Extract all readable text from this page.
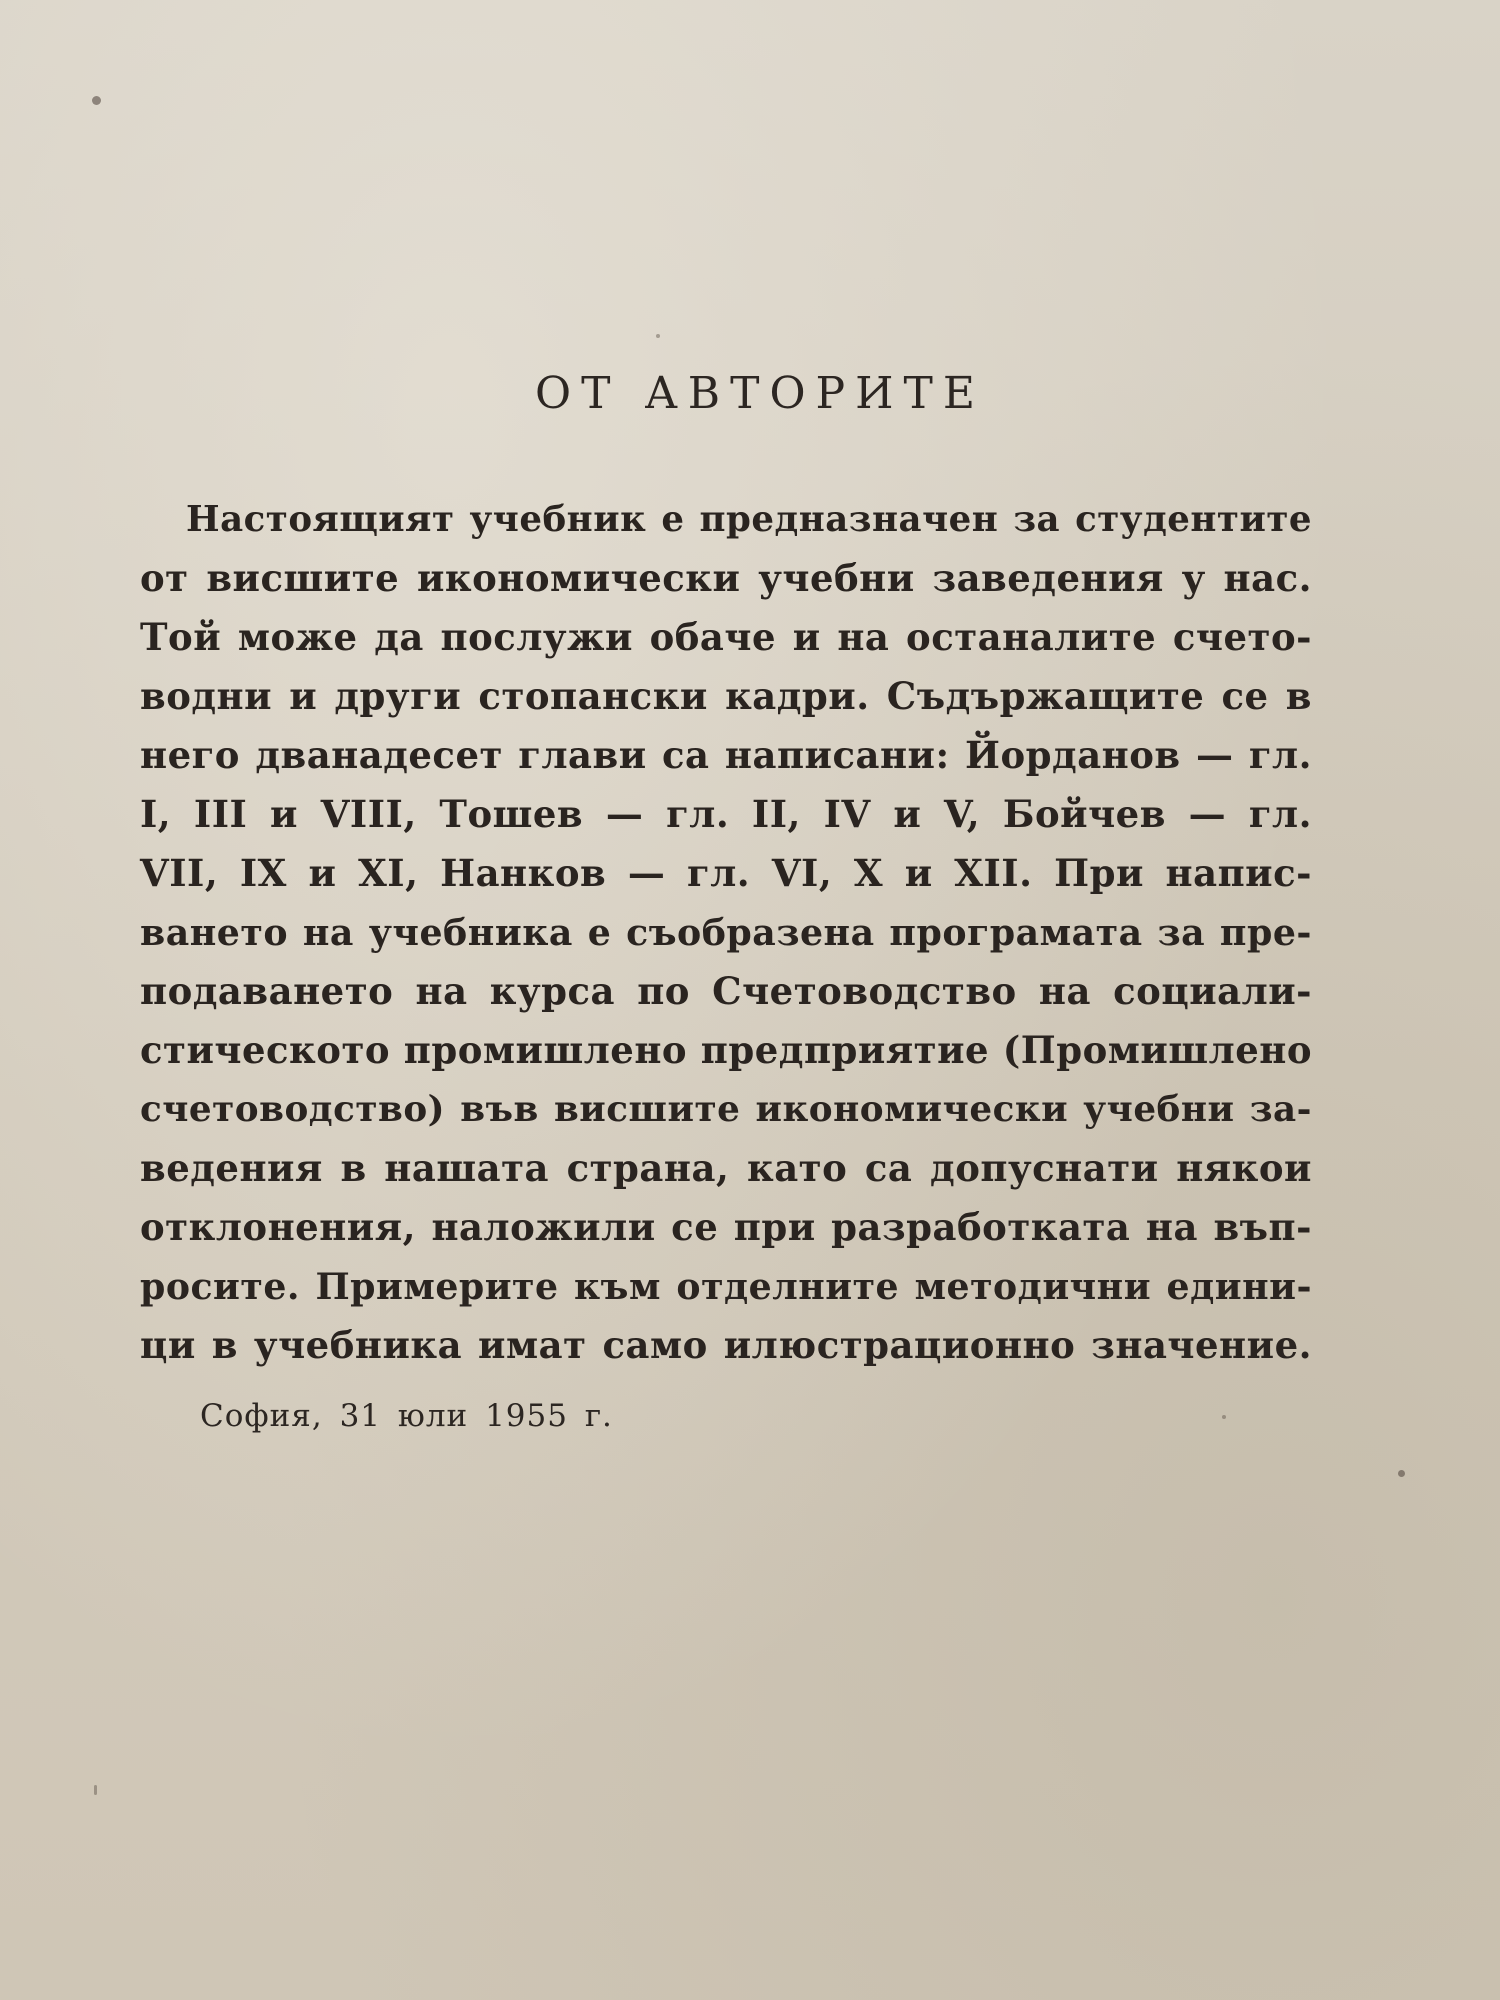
ОТ АВТОРИТЕ
Настоящият учебник е предназначен за студентите
от висшите икономически учебни заведения у нас.
Той може да послужи обаче и на останалите счето-
водни и други стопански кадри. Съдържащите се в
него дванадесет глави са написани: Йорданов — гл.
I, III и VIII, Тошев — гл. II, IV и V, Бойчев — гл.
VII, IX и XI, Нанков — гл. VI, X и XII. При напис-
ването на учебника е съобразена програмата за пре-
подаването на курса по Счетоводство на социали-
стическото промишлено предприятие (Промишлено
счетоводство) във висшите икономически учебни за-
ведения в нашата страна, като са допуснати някои
отклонения, наложили се при разработката на въп-
росите. Примерите към отделните методични едини-
ци в учебника имат само илюстрационно значение.
София, 31 юли 1955 г.
